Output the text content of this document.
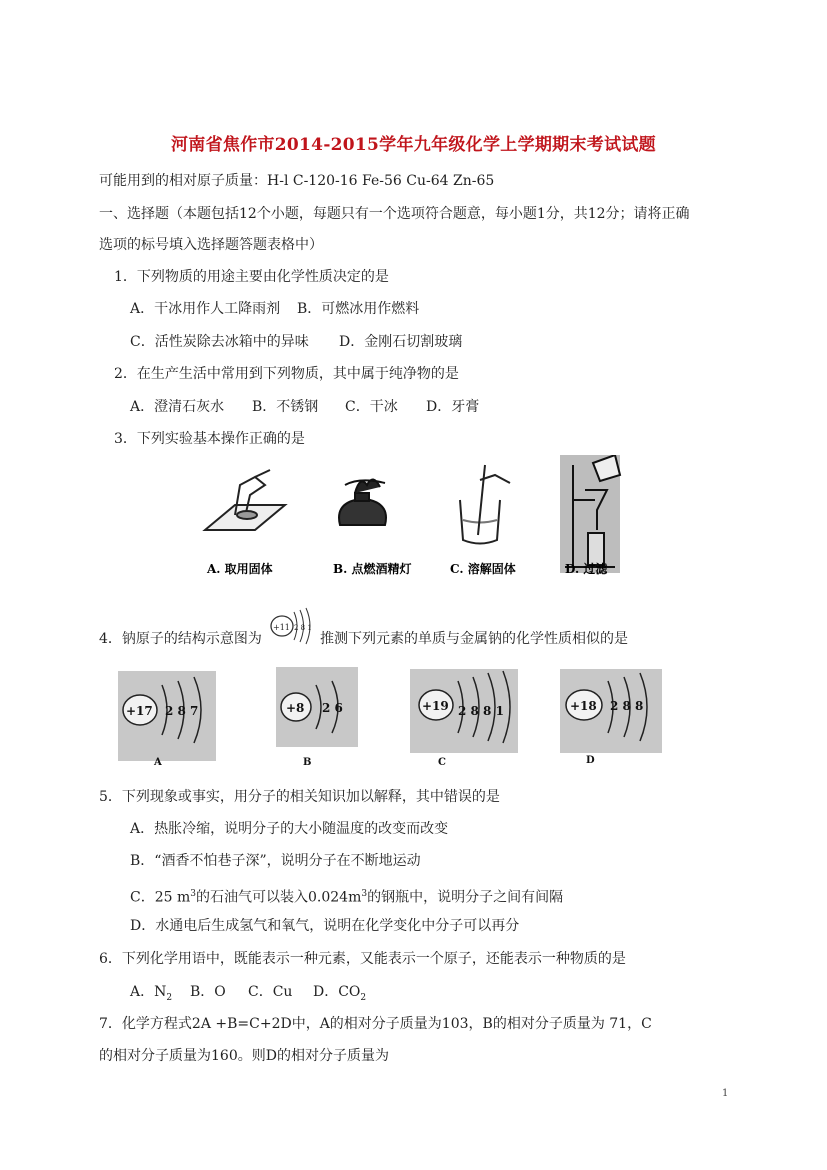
河南省焦作市2014-2015学年九年级化学上学期期末考试试题
可能用到的相对原子质量：H-l C-120-16 Fe-56 Cu-64 Zn-65
一、选择题（本题包括12个小题，每题只有一个选项符合题意，每小题1分，共12分；请将正确
选项的标号填入选择题答题表格中）
1．下列物质的用途主要由化学性质决定的是
A．干冰用作人工降雨剂 B．可燃冰用作燃料
C．活性炭除去冰箱中的异味 D．金刚石切割玻璃
2．在生产生活中常用到下列物质，其中属于纯净物的是
A．澄清石灰水 B．不锈钢 C．干冰 D．牙膏
3．下列实验基本操作正确的是
A. 取用固体	B. 点燃酒精灯	C. 溶解固体	D. 过滤
4．钠原子的结构示意图为
+11 2 8 1
推测下列元素的单质与金属钠的化学性质相似的是
+17 2 8 7
A
+8 2 6
B
+19 2 8 8 1
C
+18 2 8 8
D
5．下列现象或事实，用分子的相关知识加以解释，其中错误的是
A．热胀冷缩，说明分子的大小随温度的改变而改变
B．“酒香不怕巷子深”，说明分子在不断地运动
C．25 $m^3$的石油气可以装入$0.024m^3$的钢瓶中，说明分子之间有间隔
D．水通电后生成氢气和氧气，说明在化学变化中分子可以再分
6．下列化学用语中，既能表示一种元素，又能表示一个原子，还能表示一种物质的是
A．$N_2$ B．O C．Cu D．$CO_2$
7．化学方程式2A +B=C+2D中，A的相对分子质量为103，B的相对分子质量为 71，C
的相对分子质量为160。则D的相对分子质量为
1
